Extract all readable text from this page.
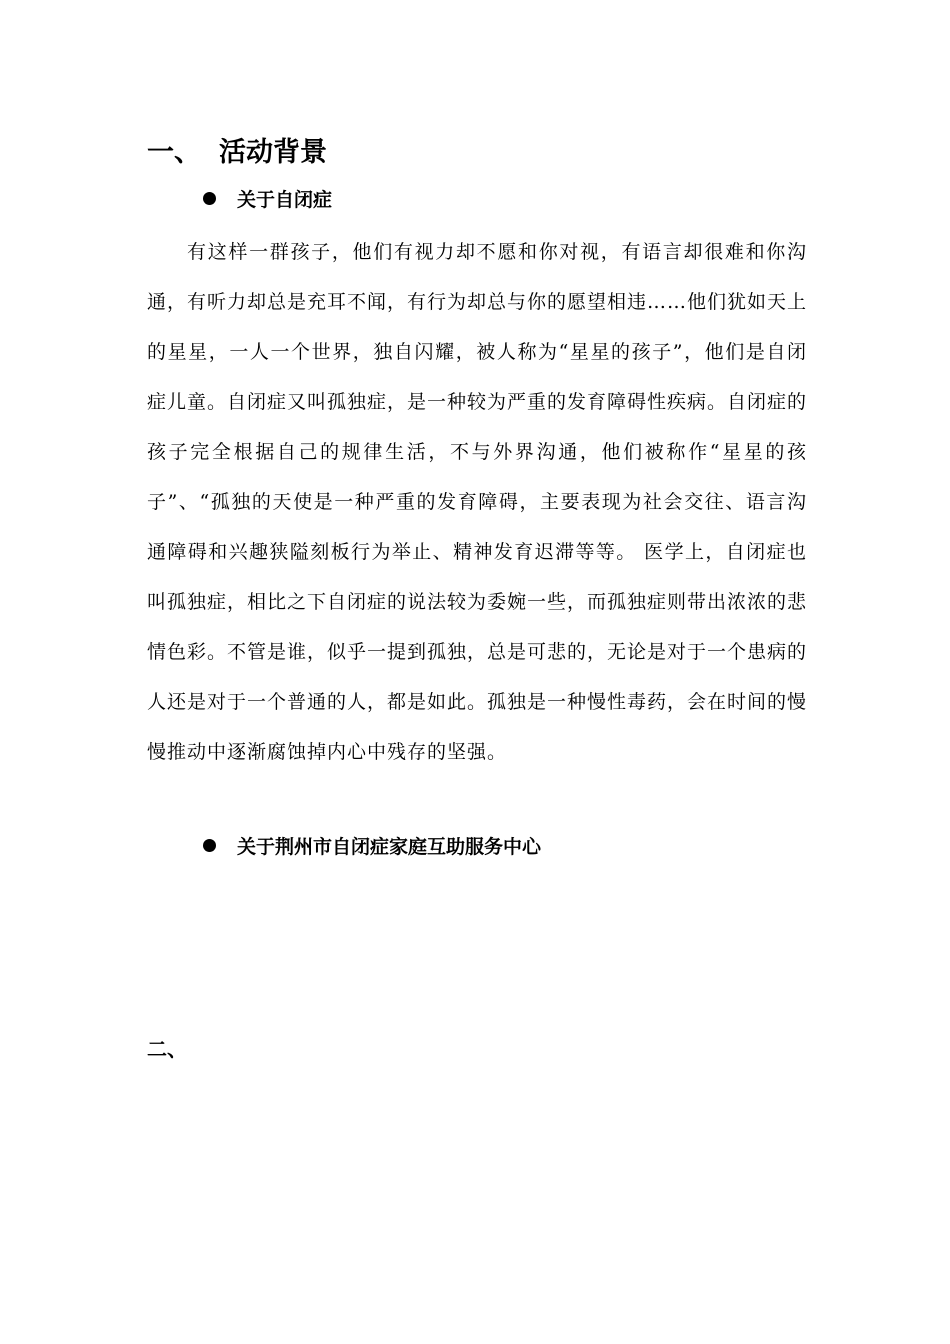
一、 活动背景
关于自闭症

有这样一群孩子，他们有视力却不愿和你对视，有语言却很难和你沟通，有听力却总是充耳不闻，有行为却总与你的愿望相违……他们犹如天上的星星，一人一个世界，独自闪耀，被人称为“星星的孩子”，他们是自闭症儿童。自闭症又叫孤独症，是一种较为严重的发育障碍性疾病。自闭症的孩子完全根据自己的规律生活，不与外界沟通，他们被称作“星星的孩子”、“孤独的天使是一种严重的发育障碍，主要表现为社会交往、语言沟通障碍和兴趣狭隘刻板行为举止、精神发育迟滞等等。 医学上，自闭症也叫孤独症，相比之下自闭症的说法较为委婉一些，而孤独症则带出浓浓的悲情色彩。不管是谁，似乎一提到孤独，总是可悲的，无论是对于一个患病的人还是对于一个普通的人，都是如此。孤独是一种慢性毒药，会在时间的慢慢推动中逐渐腐蚀掉内心中残存的坚强。

关于荆州市自闭症家庭互助服务中心
二、
